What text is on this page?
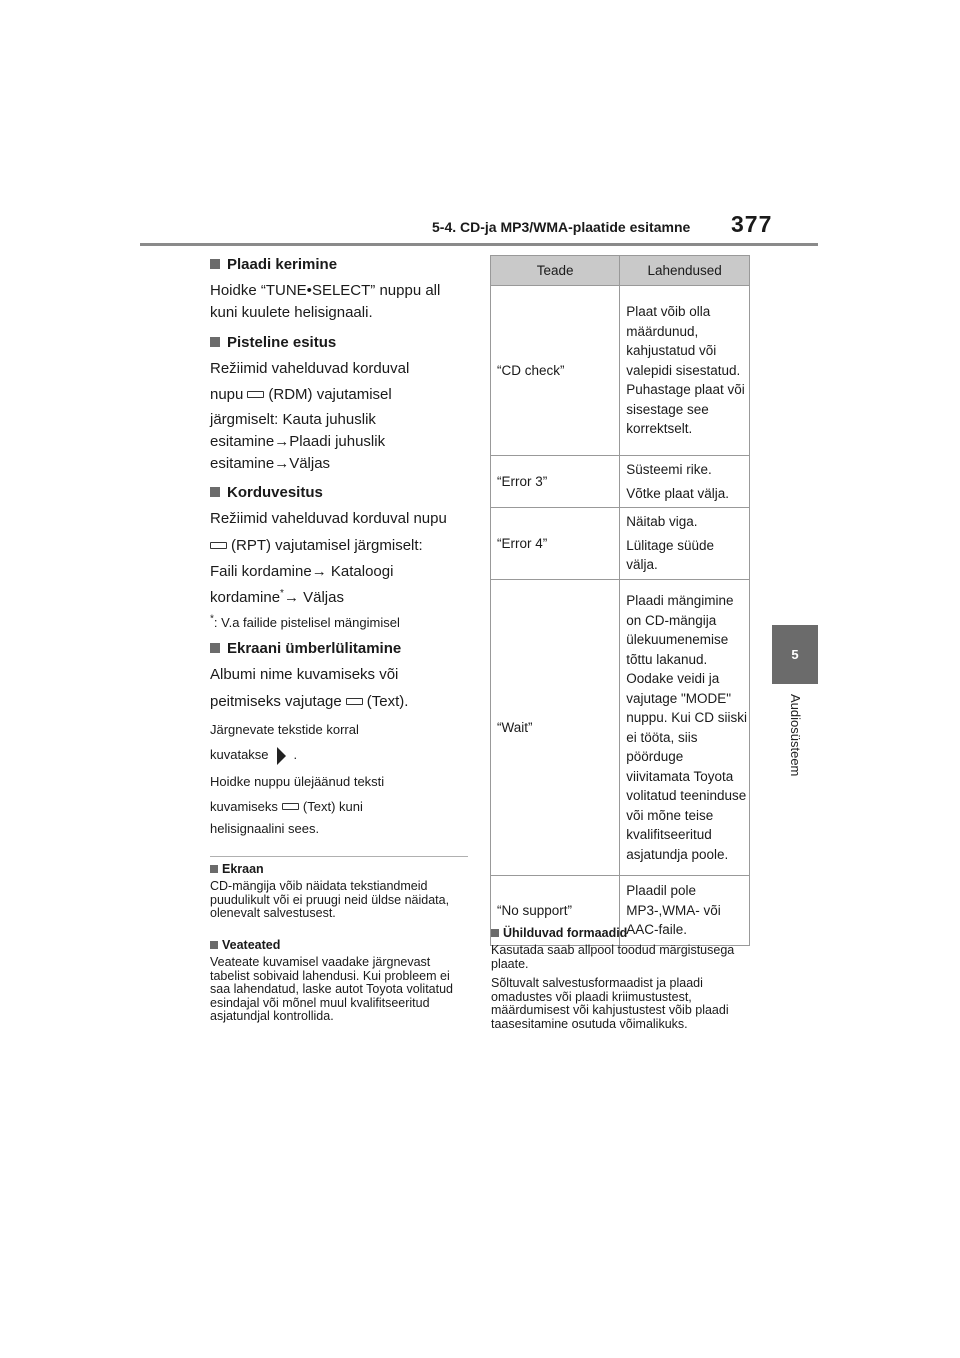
5-4. CD-ja MP3/WMA-plaatide esitamne 377
5
Audiosüsteem
Plaadi kerimine

Hoidke “TUNE•SELECT” nuppu all

kuni kuulete helisignaali.

Pisteline esitus

Režiimid vahelduvad korduval

nupu (RDM) vajutamisel

järgmiselt: Kauta juhuslik

esitamine→Plaadi juhuslik

esitamine→Väljas

Korduvesitus

Režiimid vahelduvad korduval nupu

(RPT) vajutamisel järgmiselt:

Faili kordamine→ Kataloogi

kordamine*→ Väljas

*: V.a failide pistelisel mängimisel

Ekraani ümberlülitamine

Albumi nime kuvamiseks või

peitmiseks vajutage (Text).

Järgnevate tekstide korral

kuvatakse .

Hoidke nuppu ülejäänud teksti

kuvamiseks (Text) kuni

helisignaalini sees.

Ekraan

CD-mängija võib näidata tekstiandmeid puudulikult või ei pruugi neid üldse näidata, olenevalt salvestusest.

Veateated

Veateate kuvamisel vaadake järgnevast tabelist sobivaid lahendusi. Kui probleem ei saa lahendatud, laske autot Toyota volitatud esindajal või mõnel muul kvalifitseeritud asjatundjal kontrollida.

Teade	Lahendused
“CD check”	Plaat võib olla määrdunud, kahjustatud või valepidi sisestatud. Puhastage plaat või sisestage see korrektselt.

“Error 3”	Süsteemi rike.

Võtke plaat välja.

“Error 4”	Näitab viga.

Lülitage süüde välja.

“Wait”	Plaadi mängimine on CD-mängija ülekuumenemise tõttu lakanud. Oodake veidi ja vajutage "MODE" nuppu. Kui CD siiski ei tööta, siis pöörduge viivitamata Toyota volitatud teeninduse või mõne teise kvalifitseeritud asjatundja poole.

“No support”	Plaadil pole MP3-,WMA- või AAC-faile.

Ühilduvad formaadid

Kasutada saab allpool toodud märgistusega plaate.

Sõltuvalt salvestusformaadist ja plaadi omadustes või plaadi kriimustustest, määrdumisest või kahjustustest võib plaadi taasesitamine osutuda võimalikuks.
